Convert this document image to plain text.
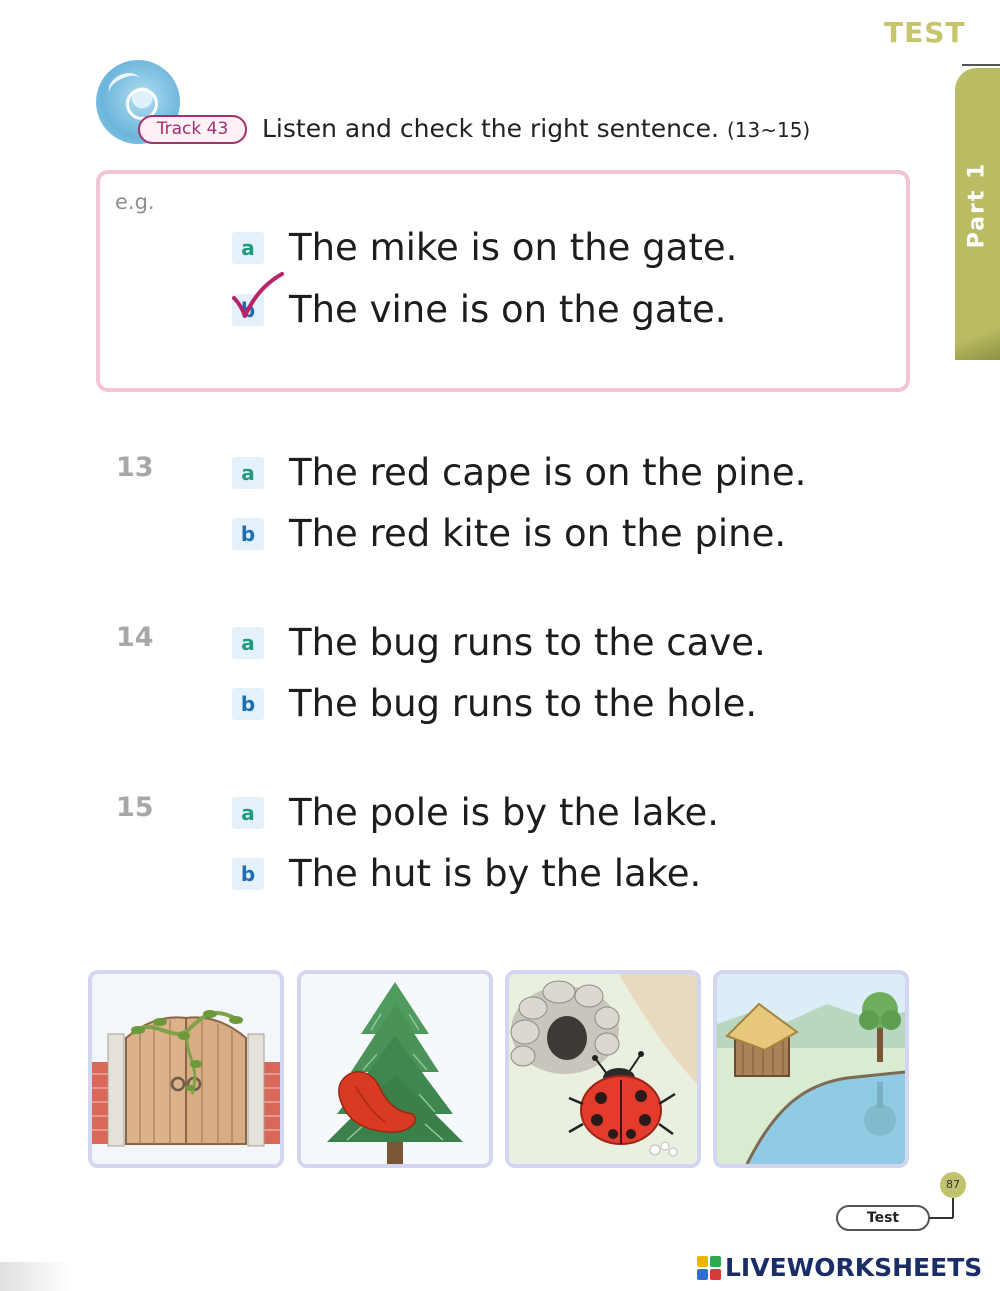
TEST
Part 1
Track 43	Listen and check the right sentence. (13~15)
e.g.
a The mike is on the gate.
b The vine is on the gate.
13	a The red cape is on the pine.
b The red kite is on the pine.
14	a The bug runs to the cave.
b The bug runs to the hole.
15	a The pole is by the lake.
b The hut is by the lake.
87
Test
LIVEWORKSHEETS
